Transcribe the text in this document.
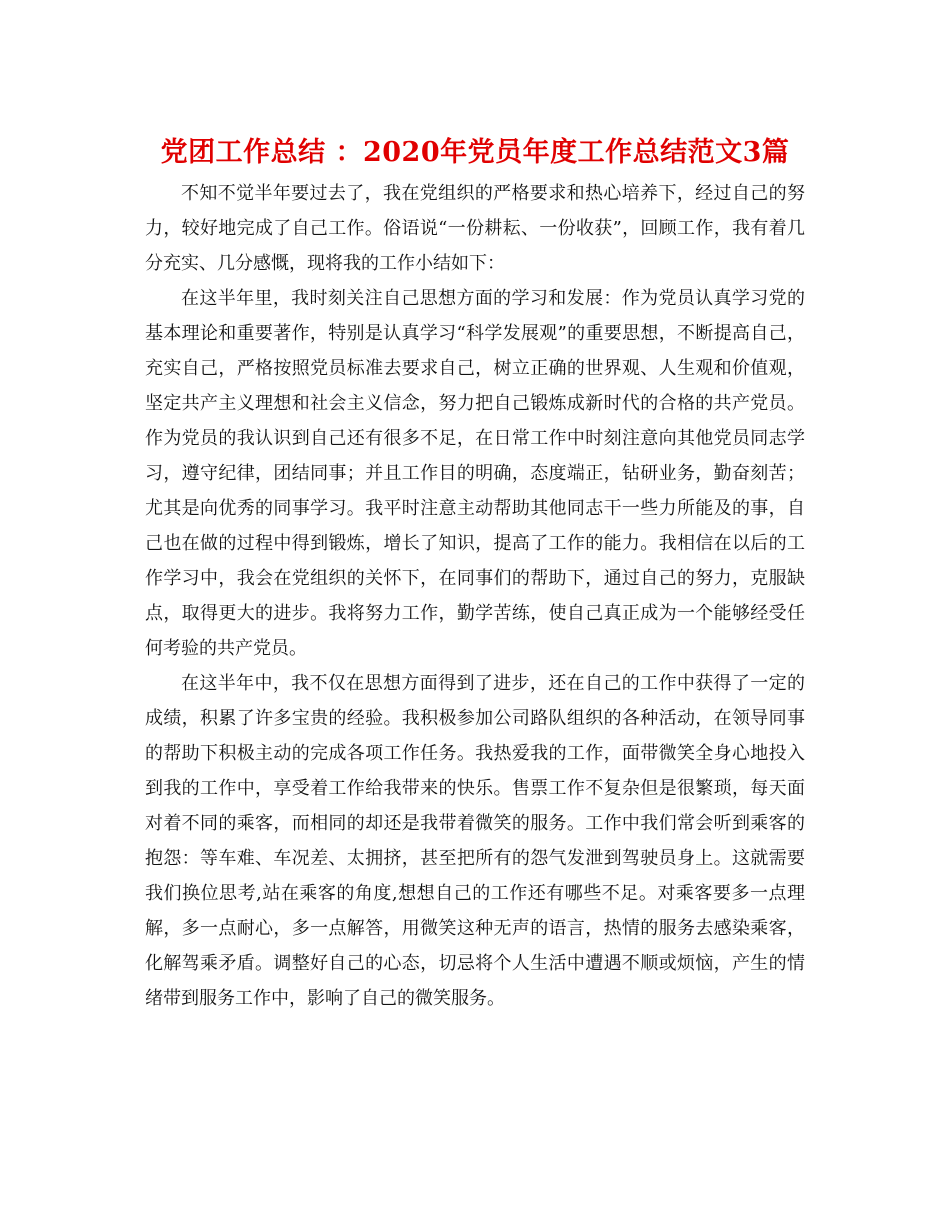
党团工作总结 ：2020年党员年度工作总结范文3篇

不知不觉半年要过去了，我在党组织的严格要求和热心培养下，经过自己的努力，较好地完成了自己工作。俗语说“一份耕耘、一份收获”，回顾工作，我有着几分充实、几分感慨，现将我的工作小结如下：

在这半年里，我时刻关注自己思想方面的学习和发展：作为党员认真学习党的基本理论和重要著作，特别是认真学习“科学发展观”的重要思想，不断提高自己，充实自己，严格按照党员标准去要求自己，树立正确的世界观、人生观和价值观，坚定共产主义理想和社会主义信念，努力把自己锻炼成新时代的合格的共产党员。作为党员的我认识到自己还有很多不足，在日常工作中时刻注意向其他党员同志学习，遵守纪律，团结同事；并且工作目的明确，态度端正，钻研业务，勤奋刻苦；尤其是向优秀的同事学习。我平时注意主动帮助其他同志干一些力所能及的事，自己也在做的过程中得到锻炼，增长了知识，提高了工作的能力。我相信在以后的工作学习中，我会在党组织的关怀下，在同事们的帮助下，通过自己的努力，克服缺点，取得更大的进步。我将努力工作，勤学苦练，使自己真正成为一个能够经受任何考验的共产党员。

在这半年中，我不仅在思想方面得到了进步，还在自己的工作中获得了一定的成绩，积累了许多宝贵的经验。我积极参加公司路队组织的各种活动，在领导同事的帮助下积极主动的完成各项工作任务。我热爱我的工作，面带微笑全身心地投入到我的工作中，享受着工作给我带来的快乐。售票工作不复杂但是很繁琐，每天面对着不同的乘客，而相同的却还是我带着微笑的服务。工作中我们常会听到乘客的抱怨：等车难、车况差、太拥挤，甚至把所有的怨气发泄到驾驶员身上。这就需要我们换位思考,站在乘客的角度,想想自己的工作还有哪些不足。对乘客要多一点理解，多一点耐心，多一点解答，用微笑这种无声的语言，热情的服务去感染乘客，化解驾乘矛盾。调整好自己的心态，切忌将个人生活中遭遇不顺或烦恼，产生的情绪带到服务工作中，影响了自己的微笑服务。
